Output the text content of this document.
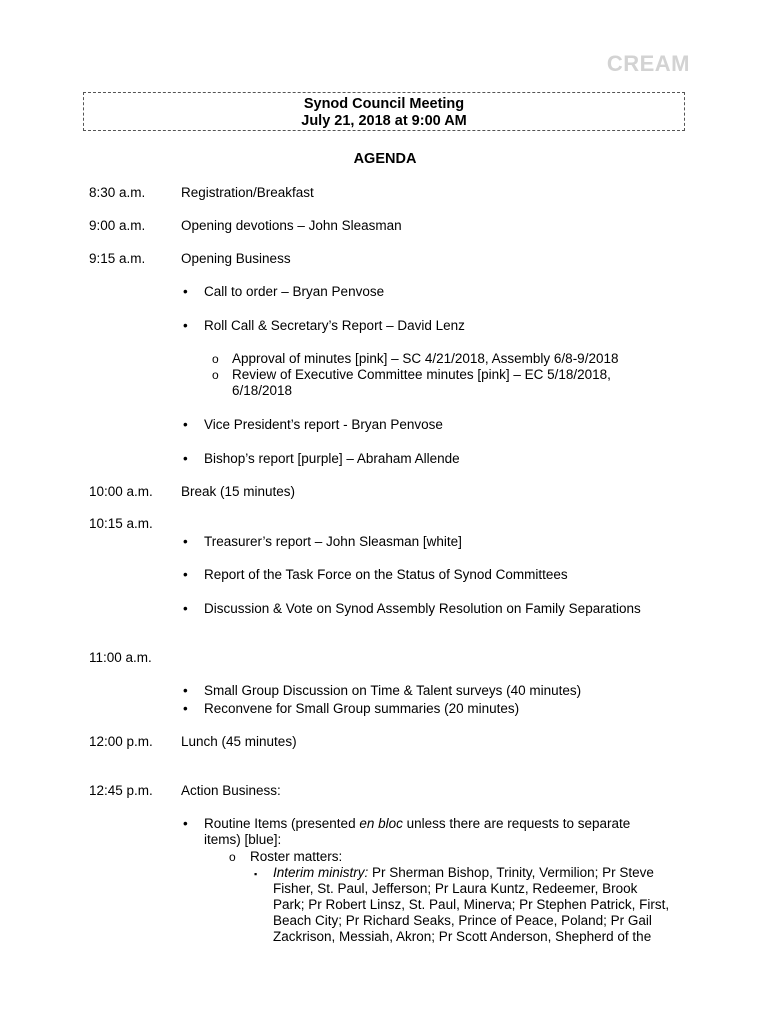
CREAM
Synod Council Meeting
July 21, 2018 at 9:00 AM
AGENDA
8:30 a.m.	Registration/Breakfast
9:00 a.m.	Opening devotions – John Sleasman
9:15 a.m.	Opening Business
• Call to order – Bryan Penvose
• Roll Call & Secretary’s Report – David Lenz
o Approval of minutes [pink] – SC 4/21/2018, Assembly 6/8-9/2018
o Review of Executive Committee minutes [pink] – EC 5/18/2018,
6/18/2018
• Vice President’s report - Bryan Penvose
• Bishop’s report [purple] – Abraham Allende
10:00 a.m. Break (15 minutes)
10:15 a.m.
• Treasurer’s report – John Sleasman [white]
• Report of the Task Force on the Status of Synod Committees
• Discussion & Vote on Synod Assembly Resolution on Family Separations
11:00 a.m.
• Small Group Discussion on Time & Talent surveys (40 minutes)
• Reconvene for Small Group summaries (20 minutes)
12:00 p.m. Lunch (45 minutes)
12:45 p.m. Action Business:
• Routine Items (presented en bloc unless there are requests to separate
items) [blue]:
o Roster matters:
▪ Interim ministry: Pr Sherman Bishop, Trinity, Vermilion; Pr Steve
Fisher, St. Paul, Jefferson; Pr Laura Kuntz, Redeemer, Brook
Park; Pr Robert Linsz, St. Paul, Minerva; Pr Stephen Patrick, First,
Beach City; Pr Richard Seaks, Prince of Peace, Poland; Pr Gail
Zackrison, Messiah, Akron; Pr Scott Anderson, Shepherd of the
